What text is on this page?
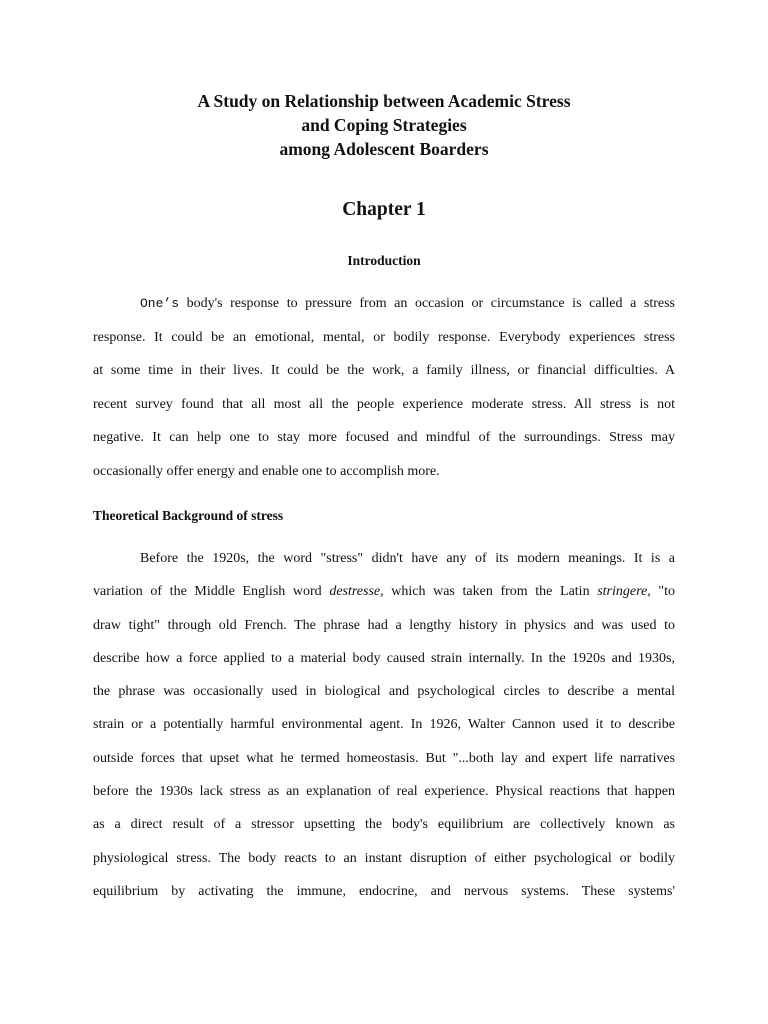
A Study on Relationship between Academic Stress
and Coping Strategies
among Adolescent Boarders
Chapter 1
Introduction
One’s body's response to pressure from an occasion or circumstance is called a stress
response. It could be an emotional, mental, or bodily response. Everybody experiences stress
at some time in their lives. It could be the work, a family illness, or financial difficulties. A
recent survey found that all most all the people experience moderate stress. All stress is not
negative. It can help one to stay more focused and mindful of the surroundings. Stress may
occasionally offer energy and enable one to accomplish more.
Theoretical Background of stress
Before the 1920s, the word "stress" didn't have any of its modern meanings. It is a
variation of the Middle English word destresse, which was taken from the Latin stringere, "to
draw tight" through old French. The phrase had a lengthy history in physics and was used to
describe how a force applied to a material body caused strain internally. In the 1920s and 1930s,
the phrase was occasionally used in biological and psychological circles to describe a mental
strain or a potentially harmful environmental agent. In 1926, Walter Cannon used it to describe
outside forces that upset what he termed homeostasis. But "...both lay and expert life narratives
before the 1930s lack stress as an explanation of real experience. Physical reactions that happen
as a direct result of a stressor upsetting the body's equilibrium are collectively known as
physiological stress. The body reacts to an instant disruption of either psychological or bodily
equilibrium by activating the immune, endocrine, and nervous systems. These systems'
